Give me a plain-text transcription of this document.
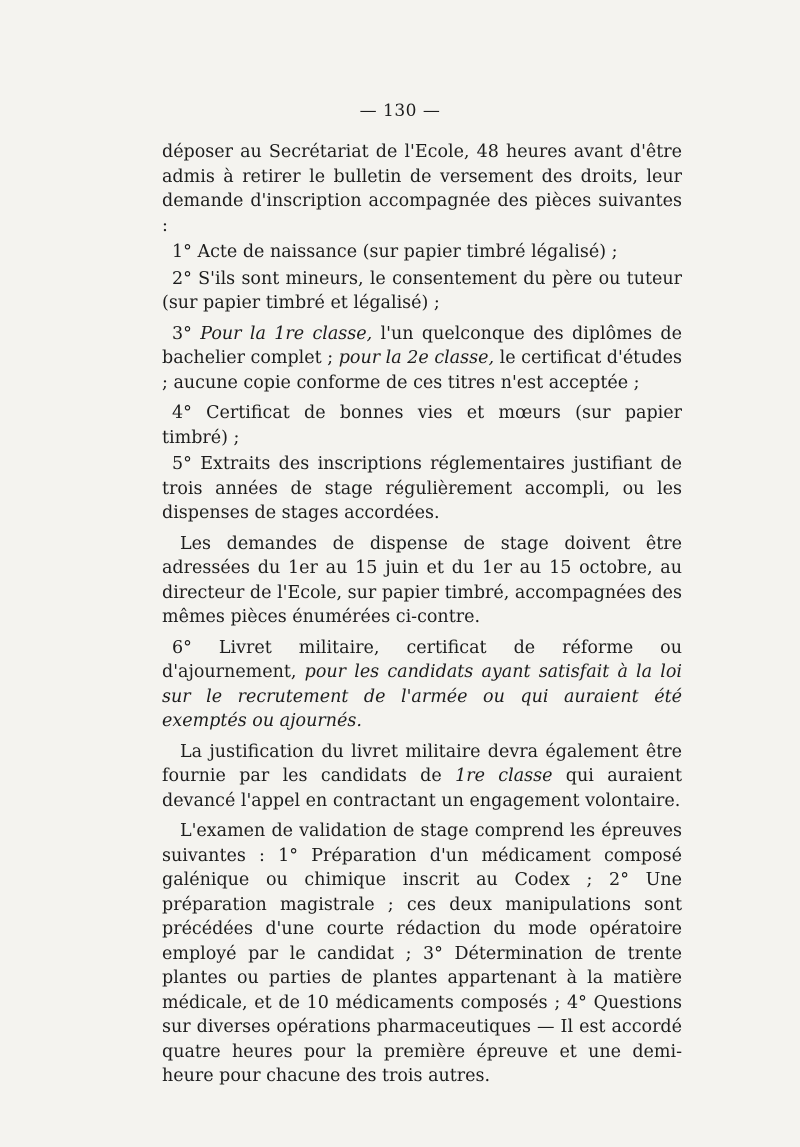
— 130 —

déposer au Secrétariat de l'Ecole, 48 heures avant d'être admis à retirer le bulletin de versement des droits, leur demande d'inscription accompagnée des pièces suivantes :

1° Acte de naissance (sur papier timbré légalisé) ;

2° S'ils sont mineurs, le consentement du père ou tuteur (sur papier timbré et légalisé) ;

3° Pour la 1re classe, l'un quelconque des diplômes de bachelier complet ; pour la 2e classe, le certificat d'études ; aucune copie conforme de ces titres n'est acceptée ;

4° Certificat de bonnes vies et mœurs (sur papier timbré) ;

5° Extraits des inscriptions réglementaires justifiant de trois années de stage régulièrement accompli, ou les dispenses de stages accordées.

Les demandes de dispense de stage doivent être adressées du 1er au 15 juin et du 1er au 15 octobre, au directeur de l'Ecole, sur papier timbré, accompagnées des mêmes pièces énumérées ci-contre.

6° Livret militaire, certificat de réforme ou d'ajournement, pour les candidats ayant satisfait à la loi sur le recrutement de l'armée ou qui auraient été exemptés ou ajournés.

La justification du livret militaire devra également être fournie par les candidats de 1re classe qui auraient devancé l'appel en contractant un engagement volontaire.

L'examen de validation de stage comprend les épreuves suivantes : 1° Préparation d'un médicament composé galénique ou chimique inscrit au Codex ; 2° Une préparation magistrale ; ces deux manipulations sont précédées d'une courte rédaction du mode opératoire employé par le candidat ; 3° Détermination de trente plantes ou parties de plantes appartenant à la matière médicale, et de 10 médicaments composés ; 4° Questions sur diverses opérations pharmaceutiques — Il est accordé quatre heures pour la première épreuve et une demi-heure pour chacune des trois autres.
